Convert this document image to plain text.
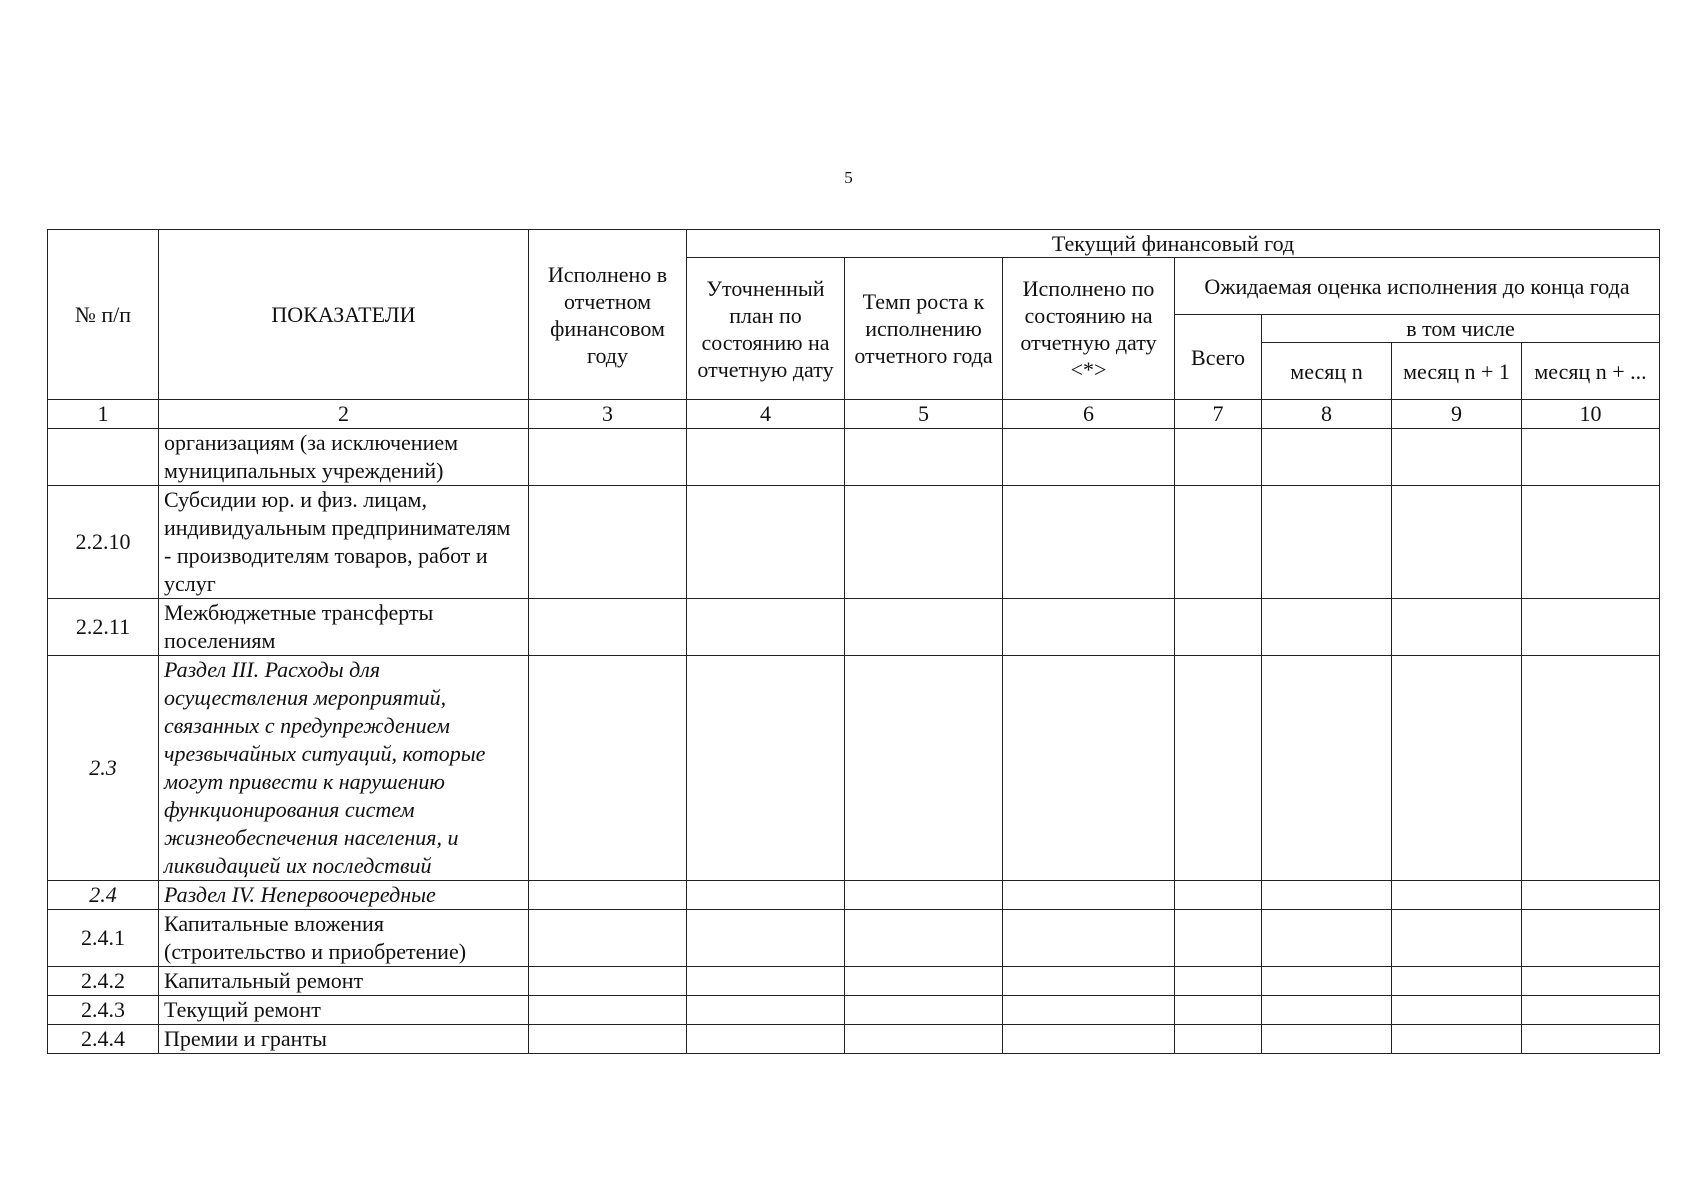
5
№ п/п	ПОКАЗАТЕЛИ	Исполнено в отчетном финансовом году	Текущий финансовый год						
			Уточненный план по состоянию на отчетную дату	Темп роста к исполнению отчетного года	Исполнено по состоянию на отчетную дату <*>	Ожидаемая оценка исполнения до конца года			
						Всего	в том числе		
							месяц n	месяц n + 1	месяц n + ...
1	2	3	4	5	6	7	8	9	10
	организациям (за исключением муниципальных учреждений)								
2.2.10	Субсидии юр. и физ. лицам, индивидуальным предпринимателям - производителям товаров, работ и услуг								
2.2.11	Межбюджетные трансферты поселениям								
2.3	Раздел III. Расходы для осуществления мероприятий, связанных с предупреждением чрезвычайных ситуаций, которые могут привести к нарушению функционирования систем жизнеобеспечения населения, и ликвидацией их последствий								
2.4	Раздел IV. Непервоочередные								
2.4.1	Капитальные вложения (строительство и приобретение)								
2.4.2	Капитальный ремонт								
2.4.3	Текущий ремонт								
2.4.4	Премии и гранты								
